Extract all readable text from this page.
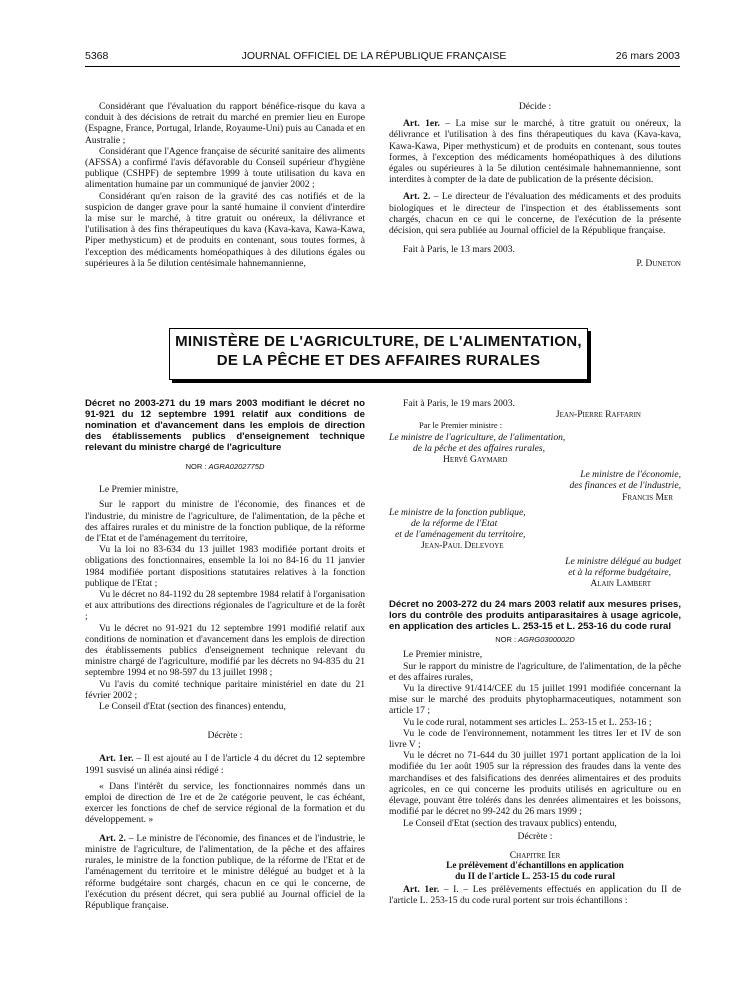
5368	JOURNAL OFFICIEL DE LA RÉPUBLIQUE FRANÇAISE	26 mars 2003

Considérant que l'évaluation du rapport bénéfice-risque du kava a conduit à des décisions de retrait du marché en premier lieu en Europe (Espagne, France, Portugal, Irlande, Royaume-Uni) puis au Canada et en Australie ;

Considérant que l'Agence française de sécurité sanitaire des aliments (AFSSA) a confirmé l'avis défavorable du Conseil supérieur d'hygiène publique (CSHPF) de septembre 1999 à toute utilisation du kava en alimentation humaine par un communiqué de janvier 2002 ;

Considérant qu'en raison de la gravité des cas notifiés et de la suspicion de danger grave pour la santé humaine il convient d'interdire la mise sur le marché, à titre gratuit ou onéreux, la délivrance et l'utilisation à des fins thérapeutiques du kava (Kava-kava, Kawa-Kawa, Piper methysticum) et de produits en contenant, sous toutes formes, à l'exception des médicaments homéopathiques à des dilutions égales ou supérieures à la 5e dilution centésimale hahnemannienne,

Décide :

Art. 1er. – La mise sur le marché, à titre gratuit ou onéreux, la délivrance et l'utilisation à des fins thérapeutiques du kava (Kava-kava, Kawa-Kawa, Piper methysticum) et de produits en contenant, sous toutes formes, à l'exception des médicaments homéopathiques à des dilutions égales ou supérieures à la 5e dilution centésimale hahnemannienne, sont interdites à compter de la date de publication de la présente décision.

Art. 2. – Le directeur de l'évaluation des médicaments et des produits biologiques et le directeur de l'inspection et des établissements sont chargés, chacun en ce qui le concerne, de l'exécution de la présente décision, qui sera publiée au Journal officiel de la République française.

Fait à Paris, le 13 mars 2003.

P. Duneton

MINISTÈRE DE L'AGRICULTURE, DE L'ALIMENTATION,
DE LA PÊCHE ET DES AFFAIRES RURALES
Décret no 2003-271 du 19 mars 2003 modifiant le décret no 91-921 du 12 septembre 1991 relatif aux conditions de nomination et d'avancement dans les emplois de direction des établissements publics d'enseignement technique relevant du ministre chargé de l'agriculture
NOR : AGRA0202775D

Le Premier ministre,

Sur le rapport du ministre de l'économie, des finances et de l'industrie, du ministre de l'agriculture, de l'alimentation, de la pêche et des affaires rurales et du ministre de la fonction publique, de la réforme de l'Etat et de l'aménagement du territoire,

Vu la loi no 83-634 du 13 juillet 1983 modifiée portant droits et obligations des fonctionnaires, ensemble la loi no 84-16 du 11 janvier 1984 modifiée portant dispositions statutaires relatives à la fonction publique de l'Etat ;

Vu le décret no 84-1192 du 28 septembre 1984 relatif à l'organisation et aux attributions des directions régionales de l'agriculture et de la forêt ;

Vu le décret no 91-921 du 12 septembre 1991 modifié relatif aux conditions de nomination et d'avancement dans les emplois de direction des établissements publics d'enseignement technique relevant du ministre chargé de l'agriculture, modifié par les décrets no 94-835 du 21 septembre 1994 et no 98-597 du 13 juillet 1998 ;

Vu l'avis du comité technique paritaire ministériel en date du 21 février 2002 ;

Le Conseil d'Etat (section des finances) entendu,

Décrète :

Art. 1er. – Il est ajouté au I de l'article 4 du décret du 12 septembre 1991 susvisé un alinéa ainsi rédigé :

« Dans l'intérêt du service, les fonctionnaires nommés dans un emploi de direction de 1re et de 2e catégorie peuvent, le cas échéant, exercer les fonctions de chef de service régional de la formation et du développement. »

Art. 2. – Le ministre de l'économie, des finances et de l'industrie, le ministre de l'agriculture, de l'alimentation, de la pêche et des affaires rurales, le ministre de la fonction publique, de la réforme de l'Etat et de l'aménagement du territoire et le ministre délégué au budget et à la réforme budgétaire sont chargés, chacun en ce qui le concerne, de l'exécution du présent décret, qui sera publié au Journal officiel de la République française.

Fait à Paris, le 19 mars 2003.

Jean-Pierre Raffarin

Par le Premier ministre :

Le ministre de l'agriculture, de l'alimentation,

de la pêche et des affaires rurales,

Hervé Gaymard

Le ministre de l'économie,

des finances et de l'industrie,

Francis Mer

Le ministre de la fonction publique,

de la réforme de l'Etat

et de l'aménagement du territoire,

Jean-Paul Delevoye

Le ministre délégué au budget

et à la réforme budgétaire,

Alain Lambert

Décret no 2003-272 du 24 mars 2003 relatif aux mesures prises, lors du contrôle des produits antiparasitaires à usage agricole, en application des articles L. 253-15 et L. 253-16 du code rural
NOR : AGRG0300002D

Le Premier ministre,

Sur le rapport du ministre de l'agriculture, de l'alimentation, de la pêche et des affaires rurales,

Vu la directive 91/414/CEE du 15 juillet 1991 modifiée concernant la mise sur le marché des produits phytopharmaceutiques, notamment son article 17 ;

Vu le code rural, notamment ses articles L. 253-15 et L. 253-16 ;

Vu le code de l'environnement, notamment les titres Ier et IV de son livre V ;

Vu le décret no 71-644 du 30 juillet 1971 portant application de la loi modifiée du 1er août 1905 sur la répression des fraudes dans la vente des marchandises et des falsifications des denrées alimentaires et des produits agricoles, en ce qui concerne les produits utilisés en agriculture ou en élevage, pouvant être tolérés dans les denrées alimentaires et les boissons, modifié par le décret no 99-242 du 26 mars 1999 ;

Le Conseil d'Etat (section des travaux publics) entendu,

Décrète :

Chapitre Ier

Le prélèvement d'échantillons en application

du II de l'article L. 253-15 du code rural

Art. 1er. – I. – Les prélèvements effectués en application du II de l'article L. 253-15 du code rural portent sur trois échantillons :
